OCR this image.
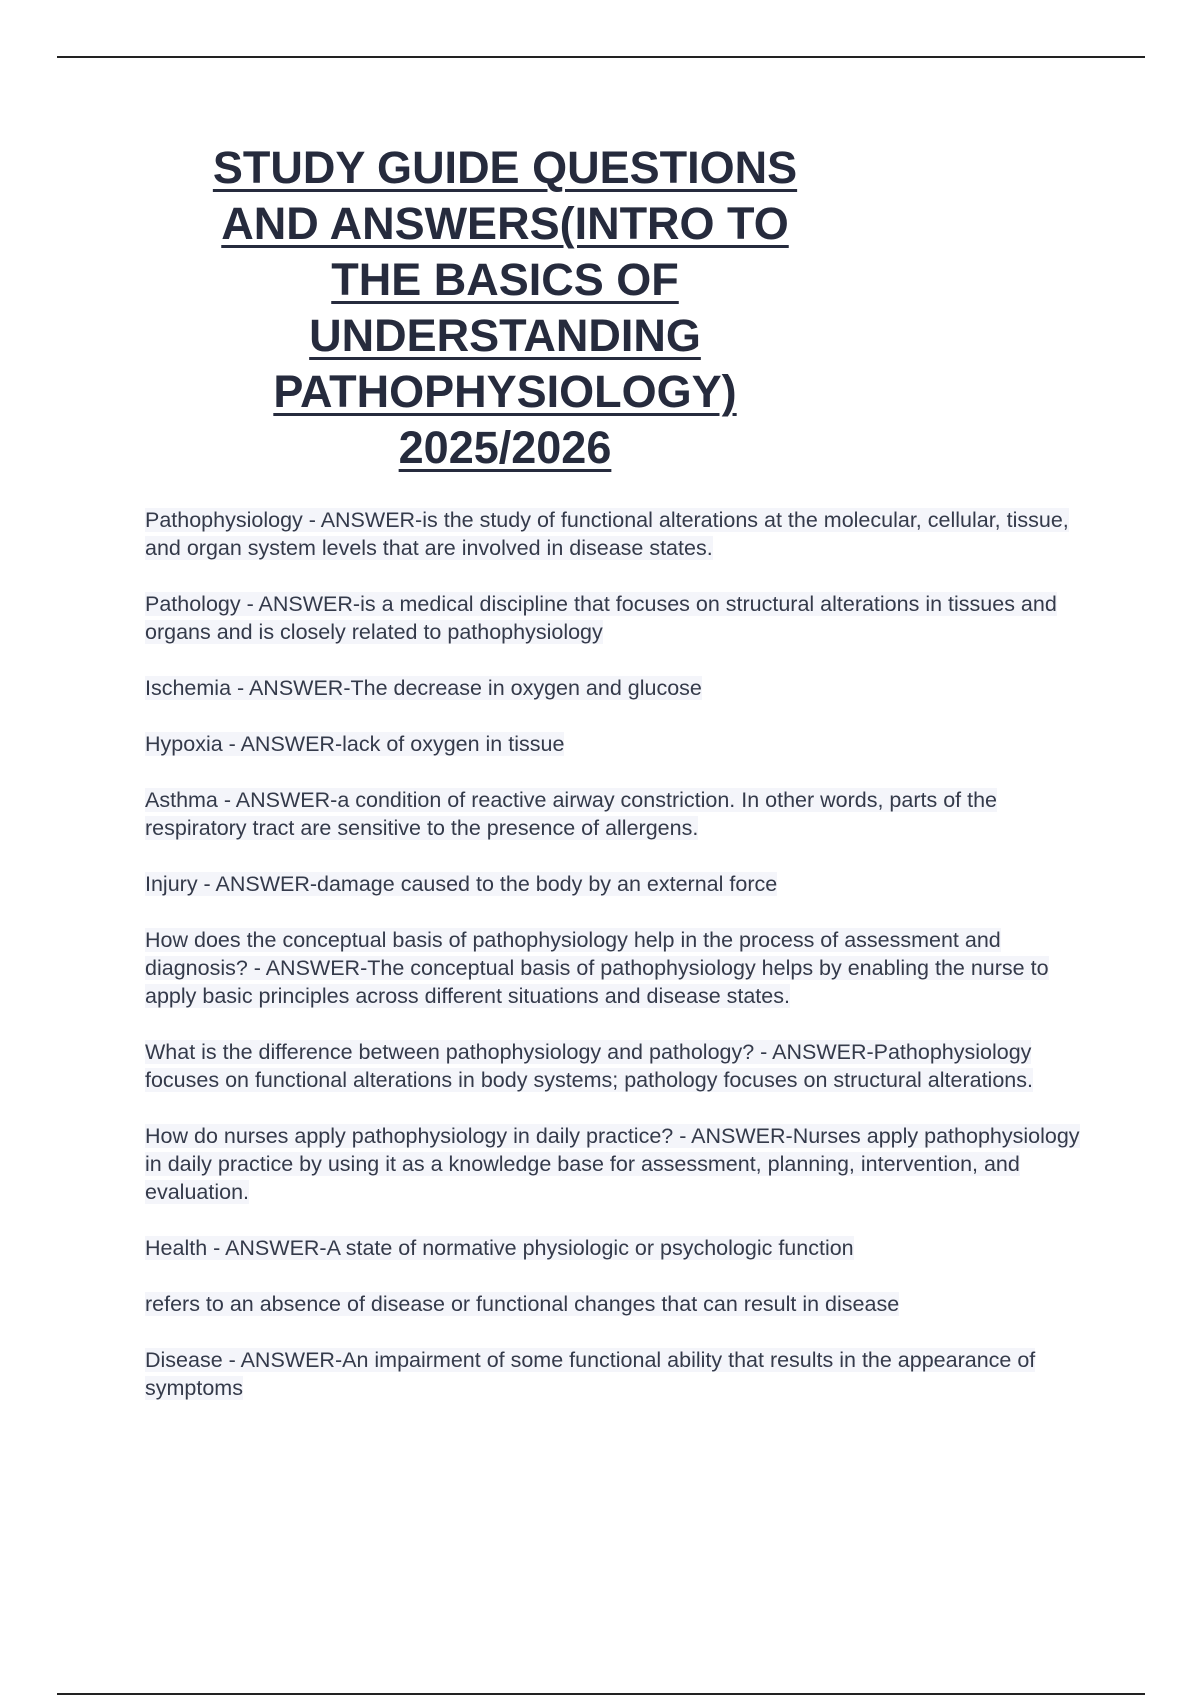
STUDY GUIDE QUESTIONS
AND ANSWERS(INTRO TO
THE BASICS OF
UNDERSTANDING
PATHOPHYSIOLOGY)
2025/2026

Pathophysiology - ANSWER-is the study of functional alterations at the molecular, cellular, tissue, and organ system levels that are involved in disease states.

Pathology - ANSWER-is a medical discipline that focuses on structural alterations in tissues and organs and is closely related to pathophysiology

Ischemia - ANSWER-The decrease in oxygen and glucose

Hypoxia - ANSWER-lack of oxygen in tissue

Asthma - ANSWER-a condition of reactive airway constriction. In other words, parts of the respiratory tract are sensitive to the presence of allergens.

Injury - ANSWER-damage caused to the body by an external force

How does the conceptual basis of pathophysiology help in the process of assessment and diagnosis? - ANSWER-The conceptual basis of pathophysiology helps by enabling the nurse to apply basic principles across different situations and disease states.

What is the difference between pathophysiology and pathology? - ANSWER-Pathophysiology focuses on functional alterations in body systems; pathology focuses on structural alterations.

How do nurses apply pathophysiology in daily practice? - ANSWER-Nurses apply pathophysiology in daily practice by using it as a knowledge base for assessment, planning, intervention, and evaluation.

Health - ANSWER-A state of normative physiologic or psychologic function

refers to an absence of disease or functional changes that can result in disease

Disease - ANSWER-An impairment of some functional ability that results in the appearance of symptoms
